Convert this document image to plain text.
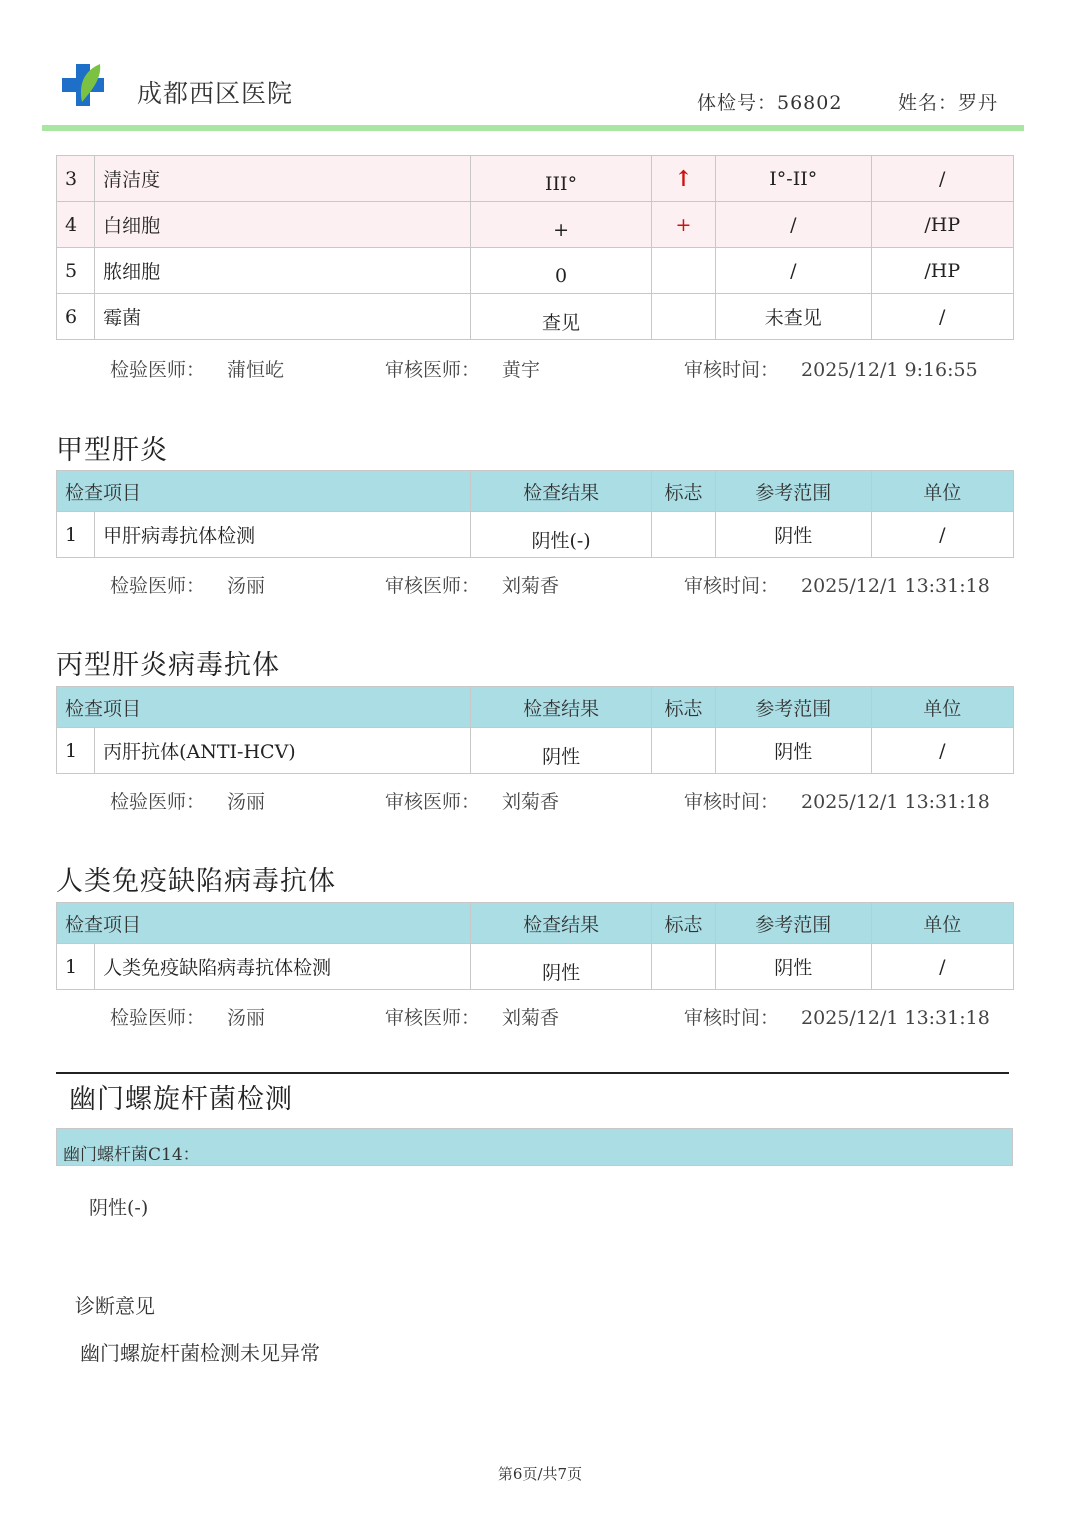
成都西区医院	体检号：56802	姓名：罗丹
3	清洁度	III°	↑	I°-II°	/
4	白细胞	+	+	/	/HP
5	脓细胞	0		/	/HP
6	霉菌	查见		未查见	/
检验医师： 蒲恒屹	审核医师： 黄宇	审核时间： 2025/12/1 9:16:55
甲型肝炎
检查项目		检查结果	标志	参考范围	单位
1	甲肝病毒抗体检测	阴性(-)		阴性	/
检验医师： 汤丽	审核医师： 刘菊香	审核时间： 2025/12/1 13:31:18
丙型肝炎病毒抗体
检查项目		检查结果	标志	参考范围	单位
1	丙肝抗体(ANTI-HCV)	阴性		阴性	/
检验医师： 汤丽	审核医师： 刘菊香	审核时间： 2025/12/1 13:31:18
人类免疫缺陷病毒抗体
检查项目		检查结果	标志	参考范围	单位
1	人类免疫缺陷病毒抗体检测	阴性		阴性	/
检验医师： 汤丽	审核医师： 刘菊香	审核时间： 2025/12/1 13:31:18
幽门螺旋杆菌检测
幽门螺杆菌C14：
阴性(-)
诊断意见
幽门螺旋杆菌检测未见异常
第6页/共7页
